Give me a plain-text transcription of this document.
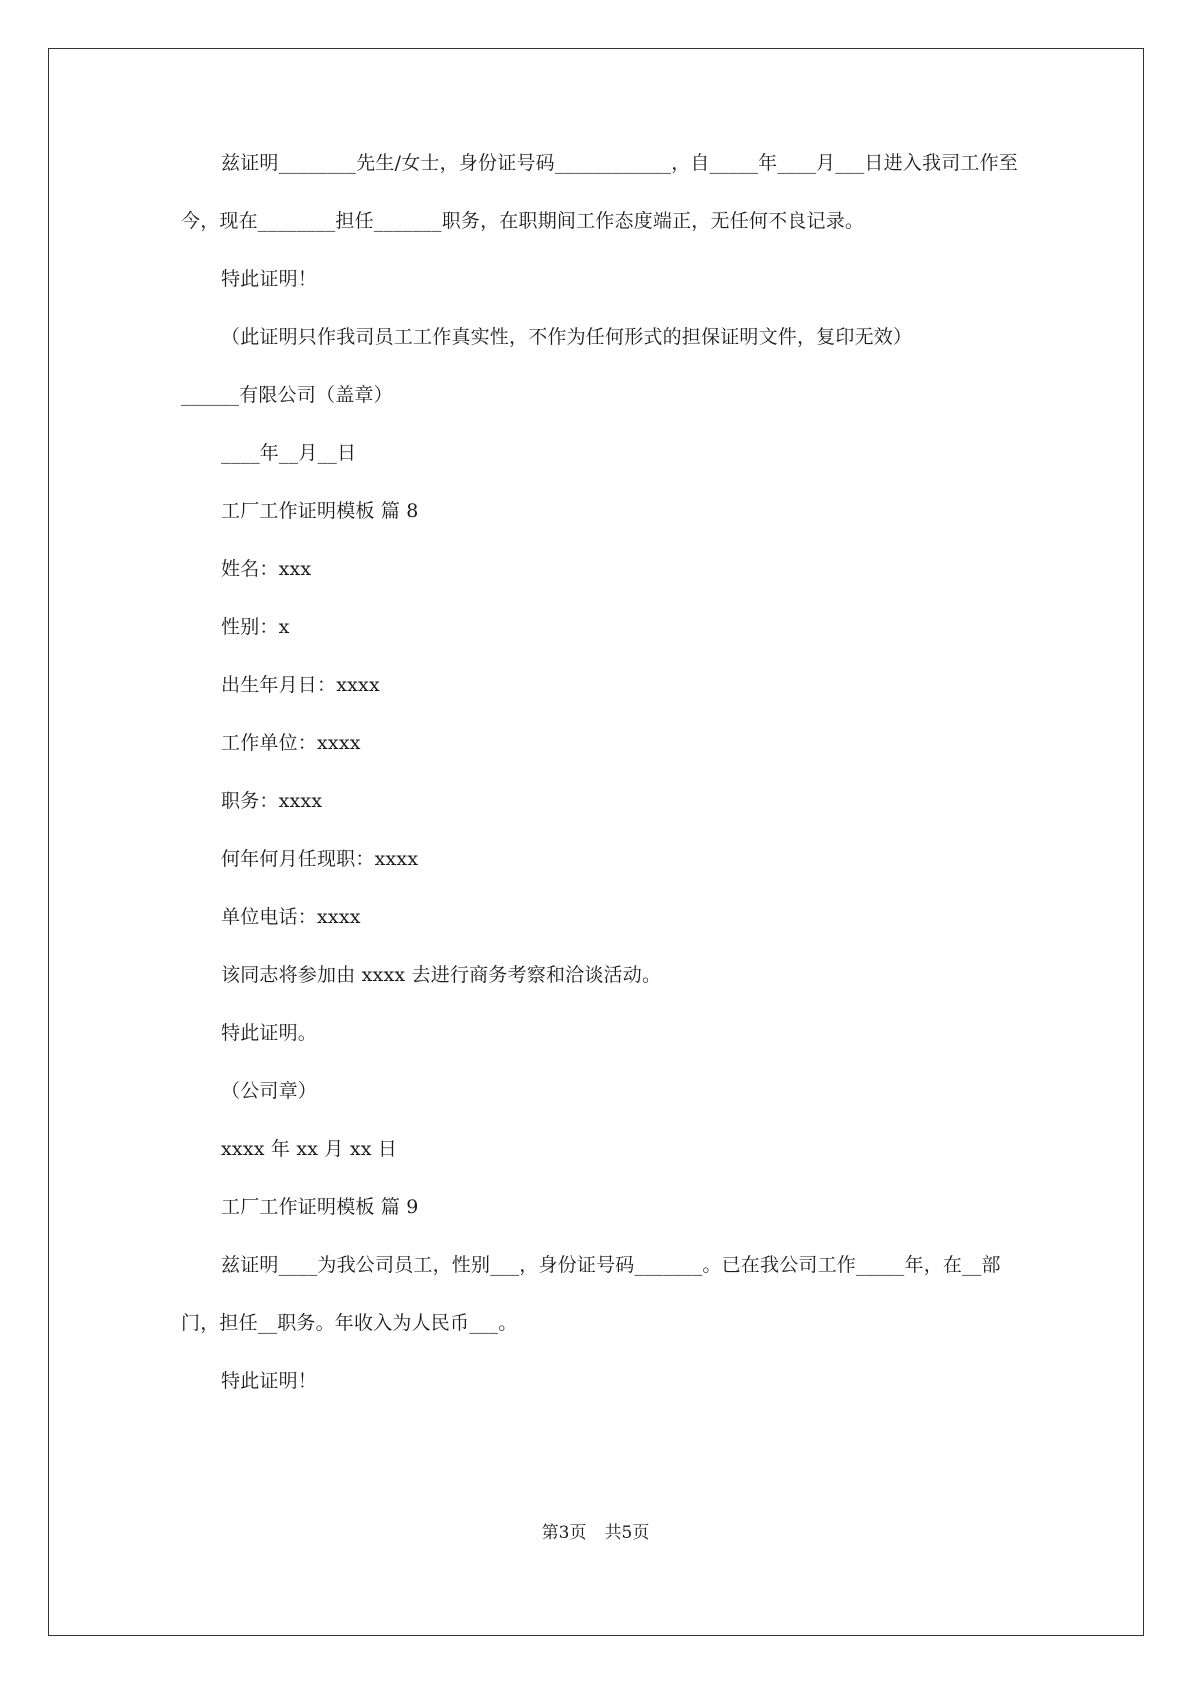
兹证明________先生/女士，身份证号码____________，自_____年____月___日进入我司工作至
今，现在________担任_______职务，在职期间工作态度端正，无任何不良记录。
特此证明！
（此证明只作我司员工工作真实性，不作为任何形式的担保证明文件，复印无效）
______有限公司（盖章）
____年__月__日
工厂工作证明模板 篇 8
姓名：xxx
性别：x
出生年月日：xxxx
工作单位：xxxx
职务：xxxx
何年何月任现职：xxxx
单位电话：xxxx
该同志将参加由 xxxx 去进行商务考察和洽谈活动。
特此证明。
（公司章）
xxxx 年 xx 月 xx 日
工厂工作证明模板 篇 9
兹证明____为我公司员工，性别___，身份证号码_______。已在我公司工作_____年，在__部
门，担任__职务。年收入为人民币___。
特此证明！
第3页 共5页
